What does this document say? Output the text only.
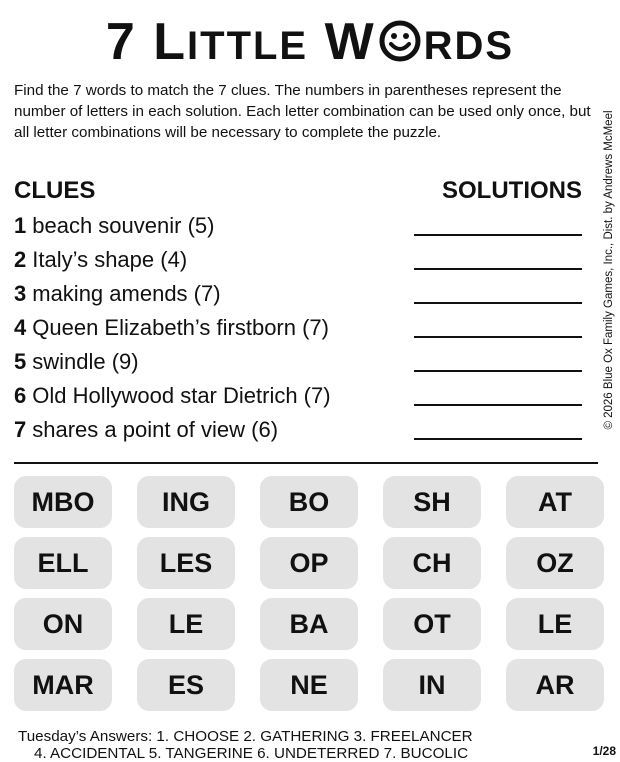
7 LITTLE W RDS
Find the 7 words to match the 7 clues. The numbers in parentheses represent the number of letters in each solution. Each letter combination can be used only once, but all letter combinations will be necessary to complete the puzzle.
CLUES	SOLUTIONS
1 beach souvenir (5)
2 Italy’s shape (4)
3 making amends (7)
4 Queen Elizabeth’s firstborn (7)
5 swindle (9)
6 Old Hollywood star Dietrich (7)
7 shares a point of view (6)	© 2026 Blue Ox Family Games, Inc., Dist. by Andrews McMeel
MBO	ING	BO	SH	AT
ELL	LES	OP	CH	OZ
ON	LE	BA	OT	LE
MAR	ES	NE	IN	AR
Tuesday’s Answers: 1. CHOOSE 2. GATHERING 3. FREELANCER
4. ACCIDENTAL 5. TANGERINE 6. UNDETERRED 7. BUCOLIC	1/28
